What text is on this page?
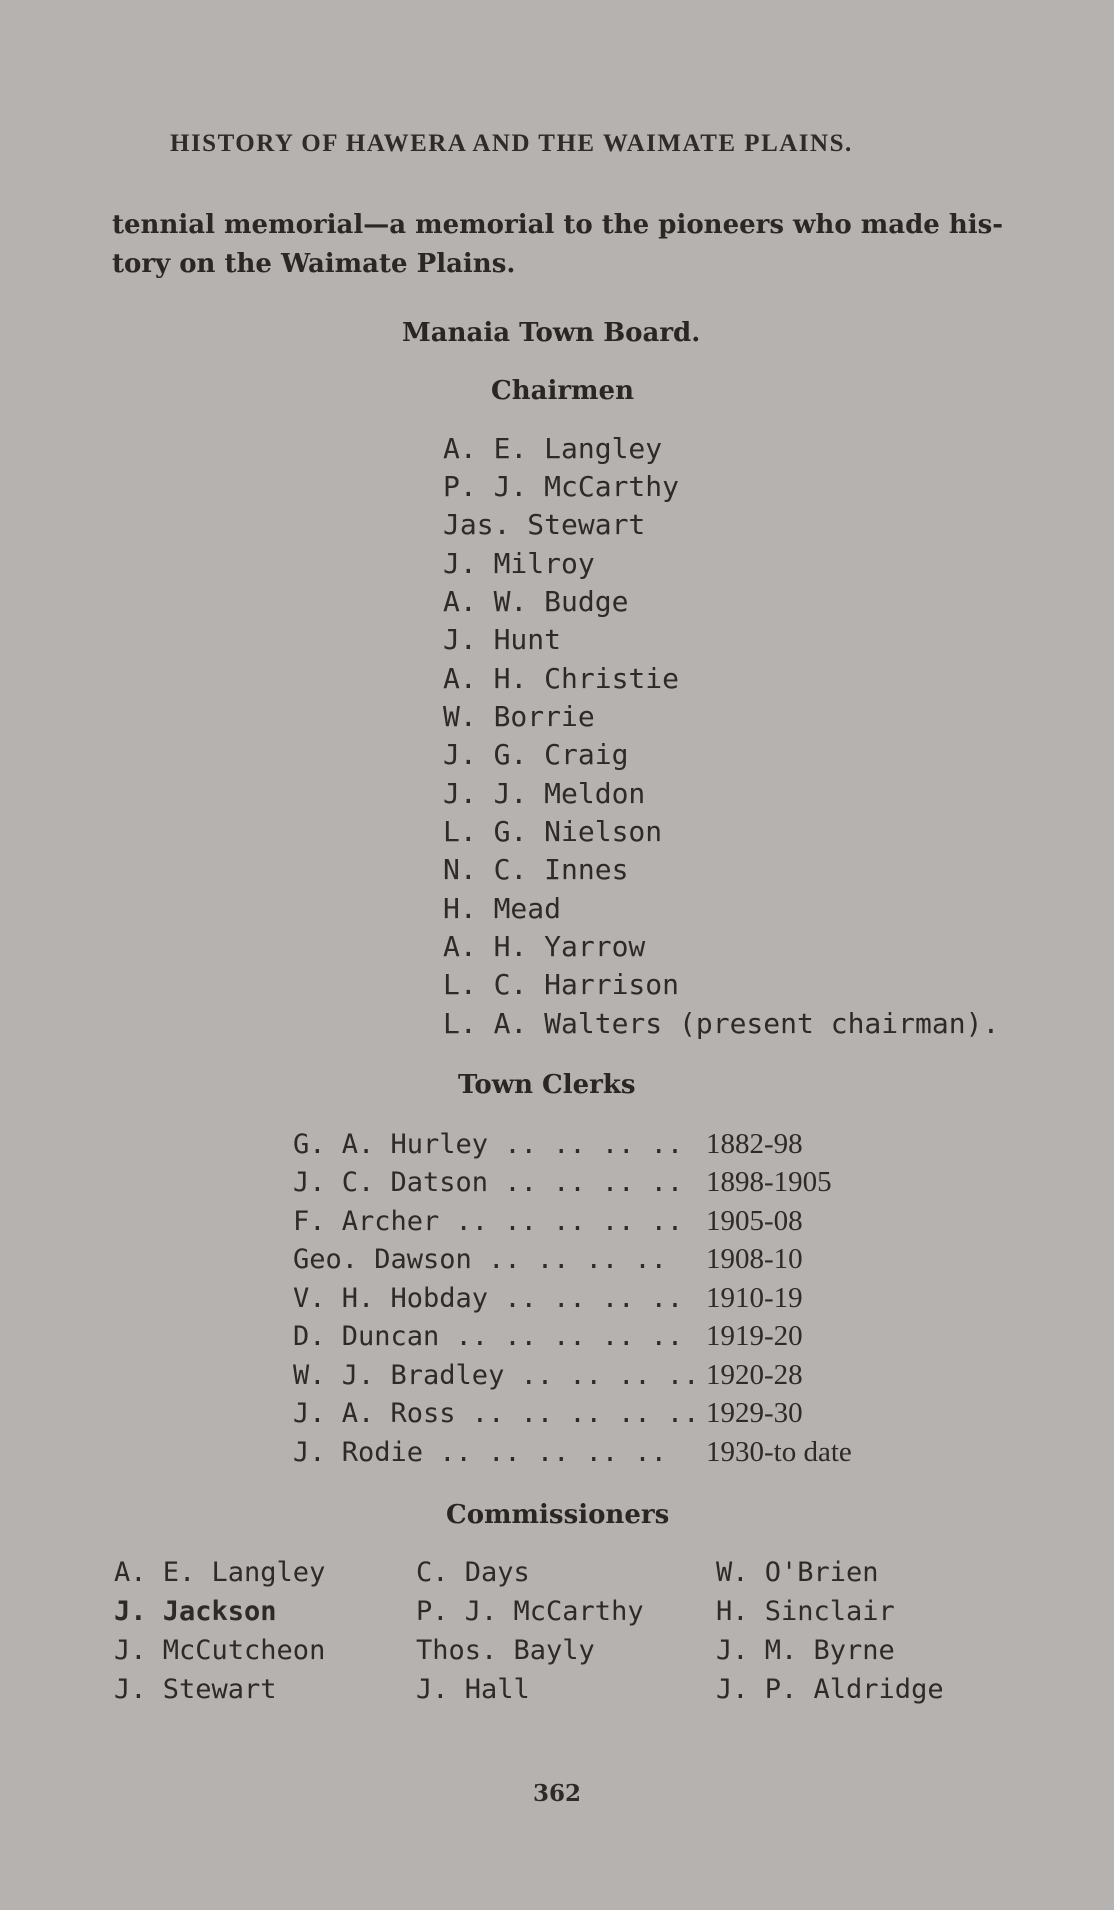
HISTORY OF HAWERA AND THE WAIMATE PLAINS.
tennial memorial—a memorial to the pioneers who made his-
tory on the Waimate Plains.
Manaia Town Board.
Chairmen
A. E. Langley
P. J. McCarthy
Jas. Stewart
J. Milroy
A. W. Budge
J. Hunt
A. H. Christie
W. Borrie
J. G. Craig
J. J. Meldon
L. G. Nielson
N. C. Innes
H. Mead
A. H. Yarrow
L. C. Harrison
L. A. Walters (present chairman).
Town Clerks
G. A. Hurley .. .. .. .. 1882-98
J. C. Datson .. .. .. .. 1898-1905
F. Archer .. .. .. .. .. 1905-08
Geo. Dawson .. .. .. .. 1908-10
V. H. Hobday .. .. .. .. 1910-19
D. Duncan .. .. .. .. .. 1919-20
W. J. Bradley .. .. .. .. 1920-28
J. A. Ross .. .. .. .. .. 1929-30
J. Rodie .. .. .. .. .. 1930-to date
Commissioners
A. E. Langley
J. Jackson
J. McCutcheon
J. Stewart
C. Days
P. J. McCarthy
Thos. Bayly
J. Hall
W. O'Brien
H. Sinclair
J. M. Byrne
J. P. Aldridge
362
